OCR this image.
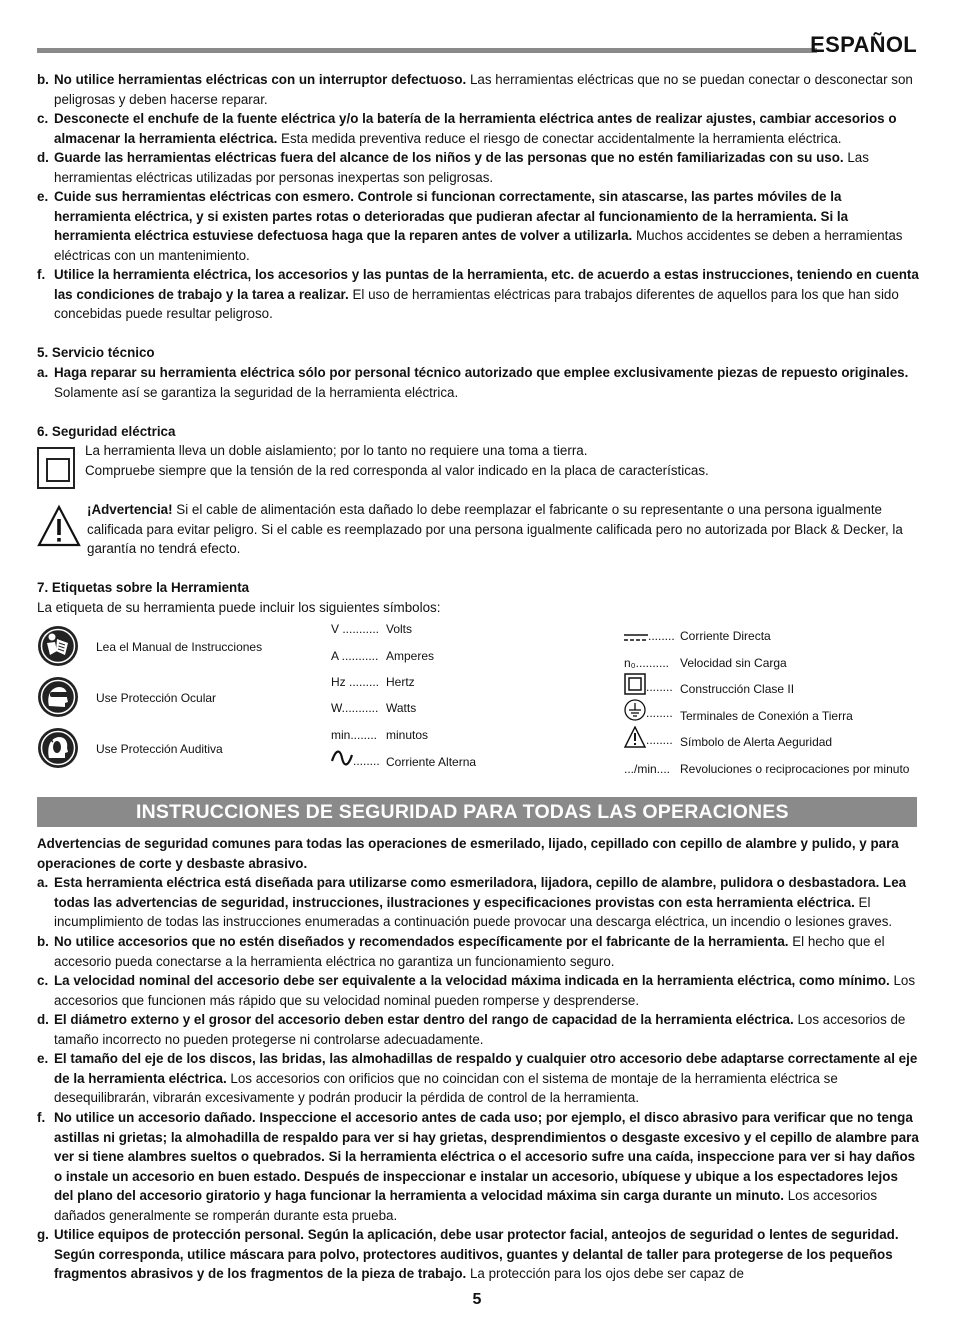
ESPAÑOL
b. No utilice herramientas eléctricas con un interruptor defectuoso. Las herramientas eléctricas que no se puedan conectar o desconectar son peligrosas y deben hacerse reparar.
c. Desconecte el enchufe de la fuente eléctrica y/o la batería de la herramienta eléctrica antes de realizar ajustes, cambiar accesorios o almacenar la herramienta eléctrica. Esta medida preventiva reduce el riesgo de conectar accidentalmente la herramienta eléctrica.
d. Guarde las herramientas eléctricas fuera del alcance de los niños y de las personas que no estén familiarizadas con su uso. Las herramientas eléctricas utilizadas por personas inexpertas son peligrosas.
e. Cuide sus herramientas eléctricas con esmero. Controle si funcionan correctamente, sin atascarse, las partes móviles de la herramienta eléctrica, y si existen partes rotas o deterioradas que pudieran afectar al funcionamiento de la herramienta. Si la herramienta eléctrica estuviese defectuosa haga que la reparen antes de volver a utilizarla. Muchos accidentes se deben a herramientas eléctricas con un mantenimiento.
f. Utilice la herramienta eléctrica, los accesorios y las puntas de la herramienta, etc. de acuerdo a estas instrucciones, teniendo en cuenta las condiciones de trabajo y la tarea a realizar. El uso de herramientas eléctricas para trabajos diferentes de aquellos para los que han sido concebidas puede resultar peligroso.
5. Servicio técnico
a. Haga reparar su herramienta eléctrica sólo por personal técnico autorizado que emplee exclusivamente piezas de repuesto originales. Solamente así se garantiza la seguridad de la herramienta eléctrica.
6. Seguridad eléctrica
La herramienta lleva un doble aislamiento; por lo tanto no requiere una toma a tierra.
Compruebe siempre que la tensión de la red corresponda al valor indicado en la placa de características.
¡Advertencia! Si el cable de alimentación esta dañado lo debe reemplazar el fabricante o su representante o una persona igualmente calificada para evitar peligro. Si el cable es reemplazado por una persona igualmente calificada pero no autorizada por Black & Decker, la garantía no tendrá efecto.
7. Etiquetas sobre la Herramienta
La etiqueta de su herramienta puede incluir los siguientes símbolos:
Lea el Manual de Instrucciones
Use Protección Ocular
Use Protección Auditiva
V ........... Volts
A ........... Amperes
Hz ......... Hertz
W........... Watts
min........ minutos
........ Corriente Alterna
........ Corriente Directa
n₀.......... Velocidad sin Carga
........ Construcción Clase II
........ Terminales de Conexión a Tierra
........ Símbolo de Alerta Aeguridad
.../min.... Revoluciones o reciprocaciones por minuto
INSTRUCCIONES DE SEGURIDAD PARA TODAS LAS OPERACIONES
Advertencias de seguridad comunes para todas las operaciones de esmerilado, lijado, cepillado con cepillo de alambre y pulido, y para operaciones de corte y desbaste abrasivo.
a. Esta herramienta eléctrica está diseñada para utilizarse como esmeriladora, lijadora, cepillo de alambre, pulidora o desbastadora. Lea todas las advertencias de seguridad, instrucciones, ilustraciones y especificaciones provistas con esta herramienta eléctrica. El incumplimiento de todas las instrucciones enumeradas a continuación puede provocar una descarga eléctrica, un incendio o lesiones graves.
b. No utilice accesorios que no estén diseñados y recomendados específicamente por el fabricante de la herramienta. El hecho que el accesorio pueda conectarse a la herramienta eléctrica no garantiza un funcionamiento seguro.
c. La velocidad nominal del accesorio debe ser equivalente a la velocidad máxima indicada en la herramienta eléctrica, como mínimo. Los accesorios que funcionen más rápido que su velocidad nominal pueden romperse y desprenderse.
d. El diámetro externo y el grosor del accesorio deben estar dentro del rango de capacidad de la herramienta eléctrica. Los accesorios de tamaño incorrecto no pueden protegerse ni controlarse adecuadamente.
e. El tamaño del eje de los discos, las bridas, las almohadillas de respaldo y cualquier otro accesorio debe adaptarse correctamente al eje de la herramienta eléctrica. Los accesorios con orificios que no coincidan con el sistema de montaje de la herramienta eléctrica se desequilibrarán, vibrarán excesivamente y podrán producir la pérdida de control de la herramienta.
f. No utilice un accesorio dañado. Inspeccione el accesorio antes de cada uso; por ejemplo, el disco abrasivo para verificar que no tenga astillas ni grietas; la almohadilla de respaldo para ver si hay grietas, desprendimientos o desgaste excesivo y el cepillo de alambre para ver si tiene alambres sueltos o quebrados. Si la herramienta eléctrica o el accesorio sufre una caída, inspeccione para ver si hay daños o instale un accesorio en buen estado. Después de inspeccionar e instalar un accesorio, ubíquese y ubique a los espectadores lejos del plano del accesorio giratorio y haga funcionar la herramienta a velocidad máxima sin carga durante un minuto. Los accesorios dañados generalmente se romperán durante esta prueba.
g. Utilice equipos de protección personal. Según la aplicación, debe usar protector facial, anteojos de seguridad o lentes de seguridad. Según corresponda, utilice máscara para polvo, protectores auditivos, guantes y delantal de taller para protegerse de los pequeños fragmentos abrasivos y de los fragmentos de la pieza de trabajo. La protección para los ojos debe ser capaz de
5
